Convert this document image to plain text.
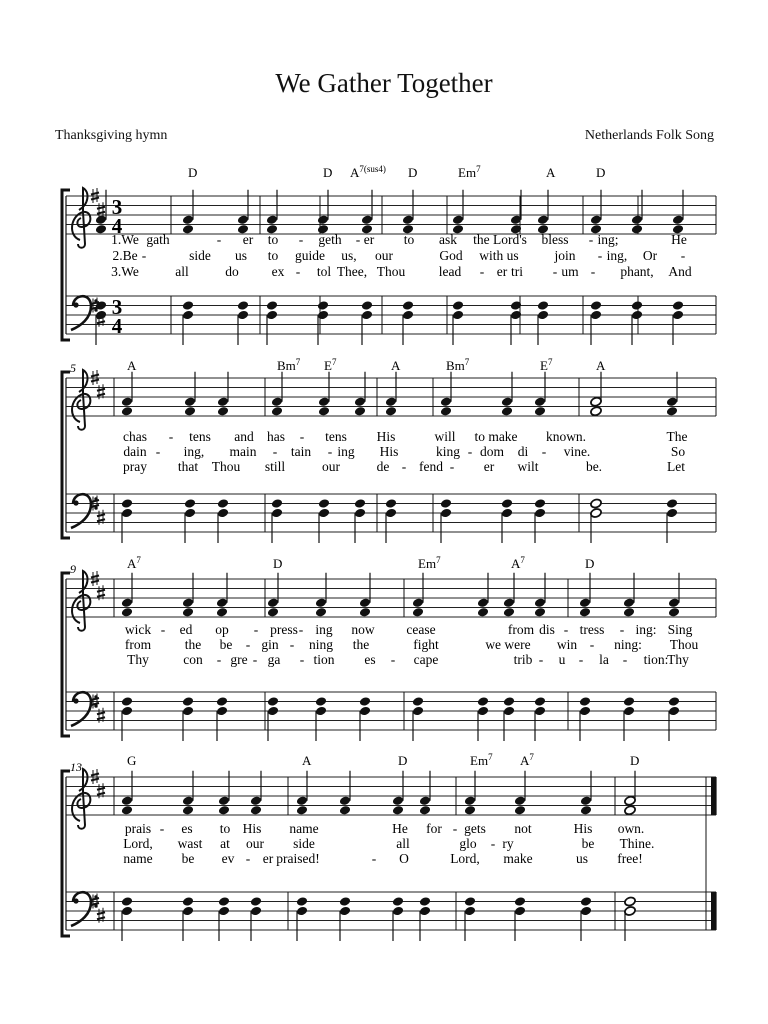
We Gather Together
Thanksgiving hymn	Netherlands Folk Song
D	D $A^{7(sus4)}$ D	Em$^7$	A	D
1.We gath	- er to - geth - er to ask the Lord's bless - ing;	He
2.Be -	side us to guide us, our	God with us	join - ing, Or -
3.We	all	do ex - tol Thee, Thou lead - er tri - um - phant, And
3
4
3
4
5	A	Bm$^7$ $E^7$	A	Bm$^7$	$E^7$	A
chas - tens and has - tens His	will to make known.	The
dain - ing, main - tain - ing His	king - dom di - vine.	So
pray that Thou still	our	de - fend - er wilt	be.	Let
9	$A^7$	D	Em$^7$	$A^7$	D
wick - ed op - press - ing now cease	from dis - tress - ing: Sing
from the be - gin - ning the	fight	we were win - ning: Thou
Thy	con - gre - ga - tion es - cape	trib - u - la - tion:
Thy
13	G	A	D	Em$^7$ $A^7$	D
prais - es to His name	He for - gets not	His own.
Lord, wast at our side	all	glo - ry	be Thine.
name be ev - er praised!	- O	Lord, make	us free!
